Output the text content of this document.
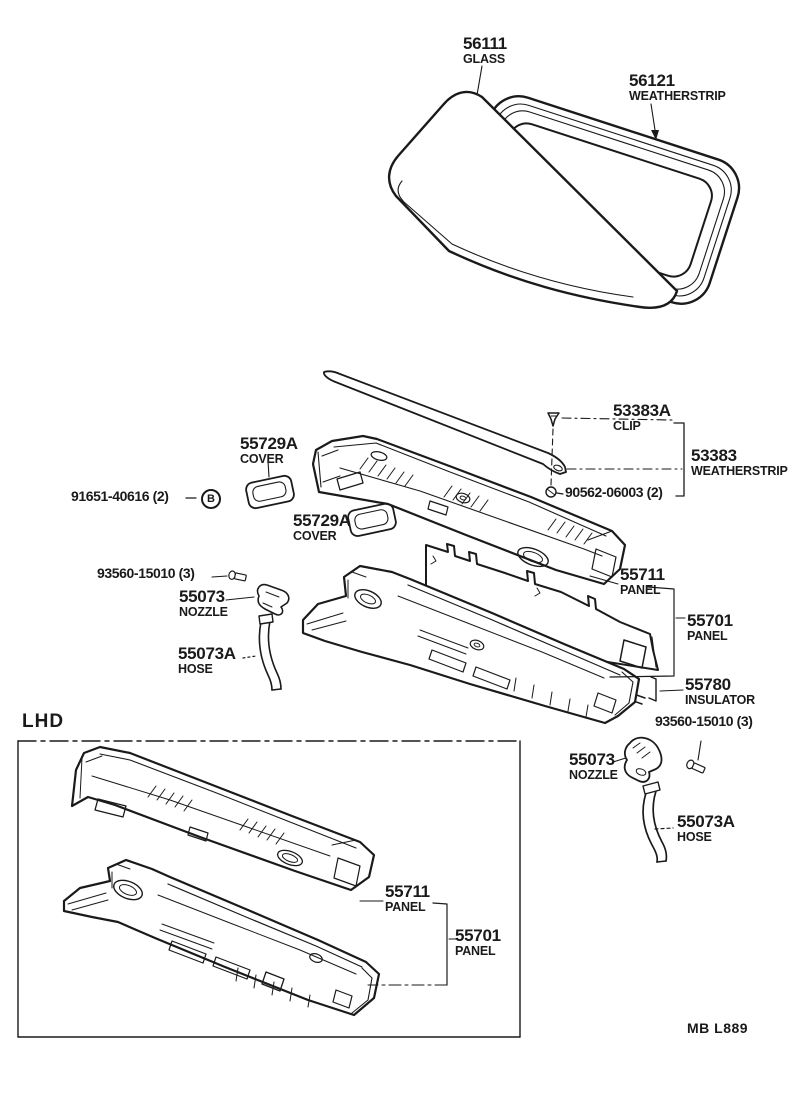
56111
GLASS
56121
WEATHERSTRIP
53383A
CLIP
53383
WEATHERSTRIP
90562-06003 (2)
55729A
COVER
91651-40616 (2)	B
55729A
COVER
93560-15010 (3)
55073
NOZZLE
55073A
HOSE
55711
PANEL
55701
PANEL
55780
INSULATOR
93560-15010 (3)
55073
NOZZLE
55073A
HOSE
LHD
55711
PANEL
55701
PANEL
MB L889
